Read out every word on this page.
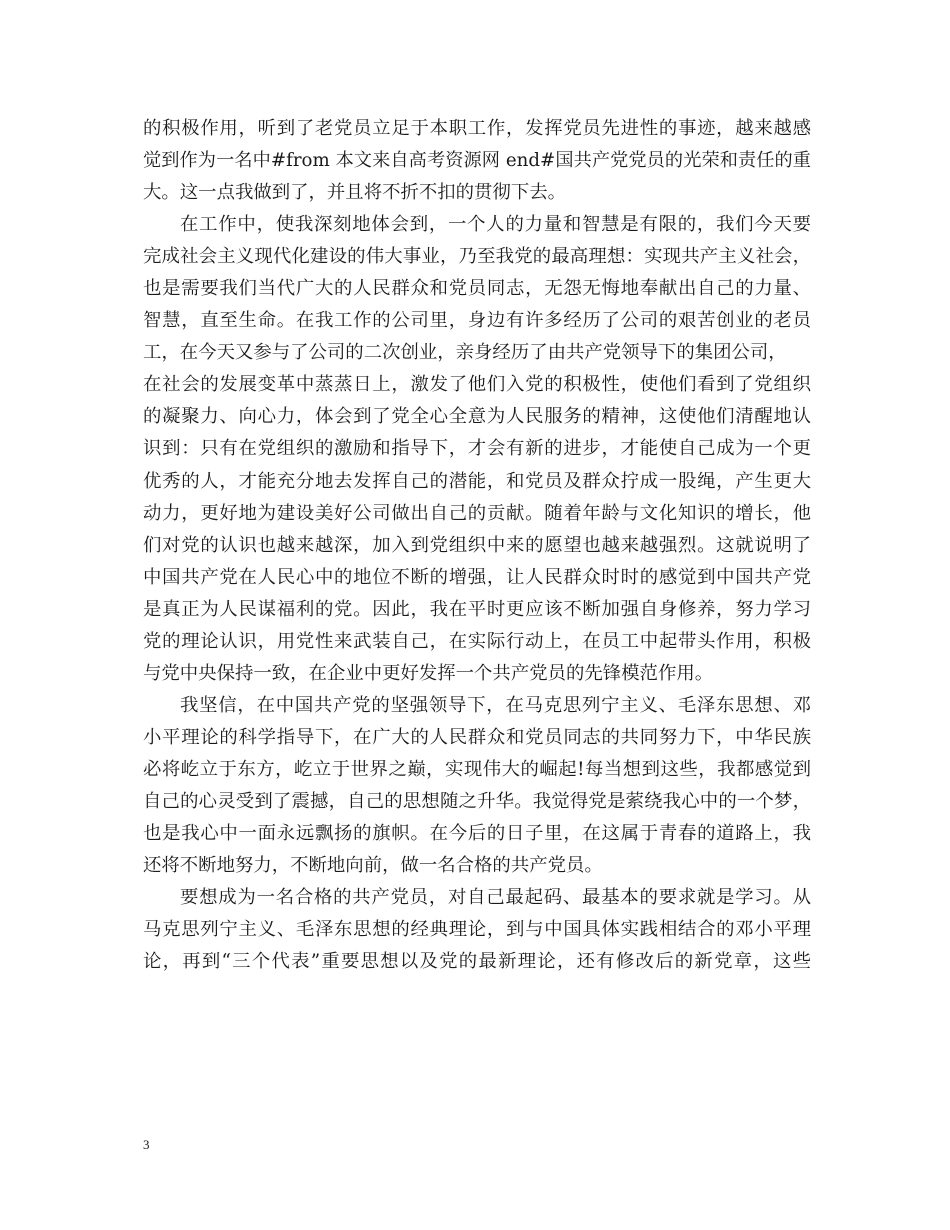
的积极作用，听到了老党员立足于本职工作，发挥党员先进性的事迹，越来越感
觉到作为一名中#from 本文来自高考资源网 end#国共产党党员的光荣和责任的重
大。这一点我做到了，并且将不折不扣的贯彻下去。
在工作中，使我深刻地体会到，一个人的力量和智慧是有限的，我们今天要
完成社会主义现代化建设的伟大事业，乃至我党的最高理想：实现共产主义社会，
也是需要我们当代广大的人民群众和党员同志，无怨无悔地奉献出自己的力量、
智慧，直至生命。在我工作的公司里，身边有许多经历了公司的艰苦创业的老员
工，在今天又参与了公司的二次创业，亲身经历了由共产党领导下的集团公司，
在社会的发展变革中蒸蒸日上，激发了他们入党的积极性，使他们看到了党组织
的凝聚力、向心力，体会到了党全心全意为人民服务的精神，这使他们清醒地认
识到：只有在党组织的激励和指导下，才会有新的进步，才能使自己成为一个更
优秀的人，才能充分地去发挥自己的潜能，和党员及群众拧成一股绳，产生更大
动力，更好地为建设美好公司做出自己的贡献。随着年龄与文化知识的增长，他
们对党的认识也越来越深，加入到党组织中来的愿望也越来越强烈。这就说明了
中国共产党在人民心中的地位不断的增强，让人民群众时时的感觉到中国共产党
是真正为人民谋福利的党。因此，我在平时更应该不断加强自身修养，努力学习
党的理论认识，用党性来武装自己，在实际行动上，在员工中起带头作用，积极
与党中央保持一致，在企业中更好发挥一个共产党员的先锋模范作用。
我坚信，在中国共产党的坚强领导下，在马克思列宁主义、毛泽东思想、邓
小平理论的科学指导下，在广大的人民群众和党员同志的共同努力下，中华民族
必将屹立于东方，屹立于世界之巅，实现伟大的崛起!每当想到这些，我都感觉到
自己的心灵受到了震撼，自己的思想随之升华。我觉得党是萦绕我心中的一个梦，
也是我心中一面永远飘扬的旗帜。在今后的日子里，在这属于青春的道路上，我
还将不断地努力，不断地向前，做一名合格的共产党员。
要想成为一名合格的共产党员，对自己最起码、最基本的要求就是学习。从
马克思列宁主义、毛泽东思想的经典理论，到与中国具体实践相结合的邓小平理
论，再到“三个代表”重要思想以及党的最新理论，还有修改后的新党章，这些
3
